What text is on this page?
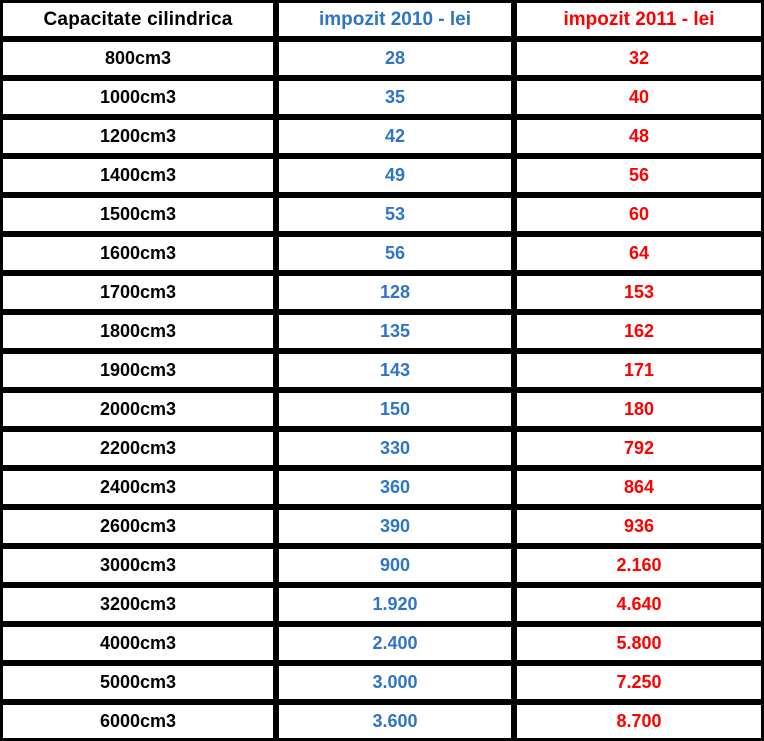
Capacitate cilindrica	impozit 2010 - lei	impozit 2011 - lei
800cm3	28	32
1000cm3	35	40
1200cm3	42	48
1400cm3	49	56
1500cm3	53	60
1600cm3	56	64
1700cm3	128	153
1800cm3	135	162
1900cm3	143	171
2000cm3	150	180
2200cm3	330	792
2400cm3	360	864
2600cm3	390	936
3000cm3	900	2.160
3200cm3	1.920	4.640
4000cm3	2.400	5.800
5000cm3	3.000	7.250
6000cm3	3.600	8.700
